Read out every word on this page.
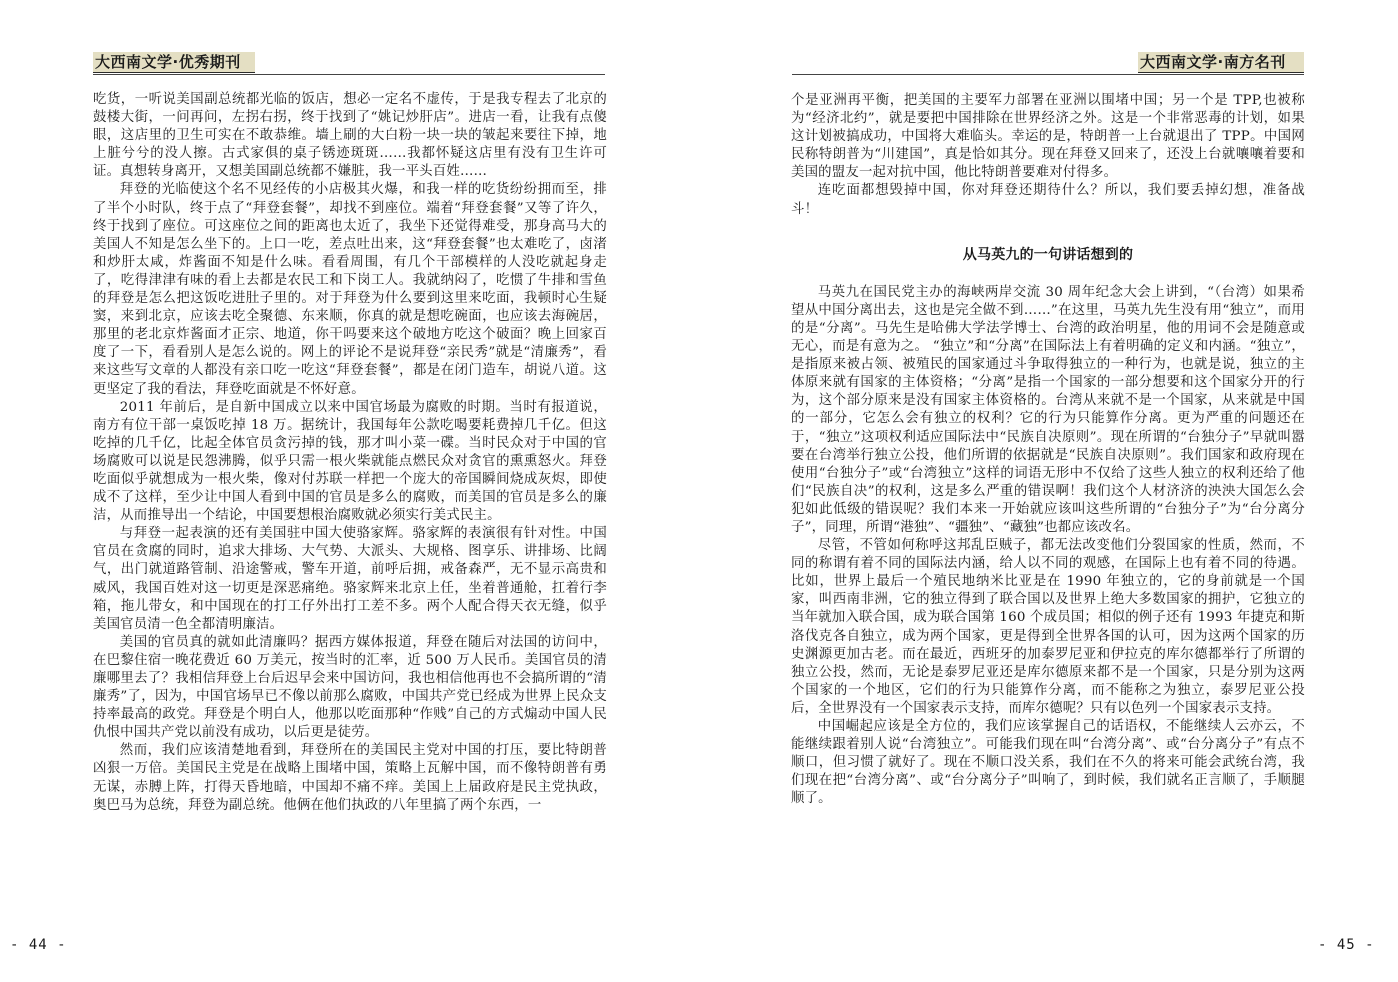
大西南文学·优秀期刊

吃货，一听说美国副总统都光临的饭店，想必一定名不虚传，于是我专程去了北京的鼓楼大街，一问再问，左拐右拐，终于找到了“姚记炒肝店”。进店一看，让我有点傻眼，这店里的卫生可实在不敢恭维。墙上刷的大白粉一块一块的皱起来要往下掉，地上脏兮兮的没人擦。古式家俱的桌子锈迹斑斑……我都怀疑这店里有没有卫生许可证。真想转身离开，又想美国副总统都不嫌脏，我一平头百姓……

拜登的光临使这个名不见经传的小店极其火爆，和我一样的吃货纷纷拥而至，排了半个小时队，终于点了“拜登套餐”，却找不到座位。端着“拜登套餐”又等了许久，终于找到了座位。可这座位之间的距离也太近了，我坐下还觉得难受，那身高马大的美国人不知是怎么坐下的。上口一吃，差点吐出来，这“拜登套餐”也太难吃了，卤渚和炒肝太咸，炸酱面不知是什么味。看看周围，有几个干部模样的人没吃就起身走了，吃得津津有味的看上去都是农民工和下岗工人。我就纳闷了，吃惯了牛排和雪鱼的拜登是怎么把这饭吃进肚子里的。对于拜登为什么要到这里来吃面，我顿时心生疑窦，来到北京，应该去吃全聚德、东来顺，你真的就是想吃碗面，也应该去海碗居，那里的老北京炸酱面才正宗、地道，你干吗要来这个破地方吃这个破面？晚上回家百度了一下，看看别人是怎么说的。网上的评论不是说拜登“亲民秀”就是“清廉秀”，看来这些写文章的人都没有亲口吃一吃这“拜登套餐”，都是在闭门造车，胡说八道。这更坚定了我的看法，拜登吃面就是不怀好意。

2011 年前后，是自新中国成立以来中国官场最为腐败的时期。当时有报道说，南方有位干部一桌饭吃掉 18 万。据统计，我国每年公款吃喝要耗费掉几千亿。但这吃掉的几千亿，比起全体官员贪污掉的钱，那才叫小菜一碟。当时民众对于中国的官场腐败可以说是民怨沸腾，似乎只需一根火柴就能点燃民众对贪官的熏熏怒火。拜登吃面似乎就想成为一根火柴，像对付苏联一样把一个庞大的帝国瞬间烧成灰烬，即使成不了这样，至少让中国人看到中国的官员是多么的腐败，而美国的官员是多么的廉洁，从而推导出一个结论，中国要想根治腐败就必须实行美式民主。

与拜登一起表演的还有美国驻中国大使骆家辉。骆家辉的表演很有针对性。中国官员在贪腐的同时，追求大排场、大气势、大派头、大规格、图享乐、讲排场、比阔气，出门就道路管制、沿途警戒，警车开道，前呼后拥，戒备森严，无不显示高贵和威风，我国百姓对这一切更是深恶痛绝。骆家辉来北京上任，坐着普通舱，扛着行李箱，拖儿带女，和中国现在的打工仔外出打工差不多。两个人配合得天衣无缝，似乎美国官员清一色全都清明廉洁。

美国的官员真的就如此清廉吗？据西方媒体报道，拜登在随后对法国的访问中，在巴黎住宿一晚花费近 60 万美元，按当时的汇率，近 500 万人民币。美国官员的清廉哪里去了？我相信拜登上台后迟早会来中国访问，我也相信他再也不会搞所谓的“清廉秀”了，因为，中国官场早已不像以前那么腐败，中国共产党已经成为世界上民众支持率最高的政党。拜登是个明白人，他那以吃面那种“作贱”自己的方式煽动中国人民仇恨中国共产党以前没有成功，以后更是徒劳。

然而，我们应该清楚地看到，拜登所在的美国民主党对中国的打压，要比特朗普凶狠一万倍。美国民主党是在战略上围堵中国，策略上瓦解中国，而不像特朗普有勇无谋，赤膊上阵，打得天昏地暗，中国却不痛不痒。美国上上届政府是民主党执政，奥巴马为总统，拜登为副总统。他俩在他们执政的八年里搞了两个东西，一

- 44 -
大西南文学·南方名刊

个是亚洲再平衡，把美国的主要军力部署在亚洲以围堵中国；另一个是 TPP,也被称为“经济北约”，就是要把中国排除在世界经济之外。这是一个非常恶毒的计划，如果这计划被搞成功，中国将大难临头。幸运的是，特朗普一上台就退出了 TPP。中国网民称特朗普为“川建国”，真是恰如其分。现在拜登又回来了，还没上台就嚷嚷着要和美国的盟友一起对抗中国，他比特朗普要难对付得多。

连吃面都想毁掉中国，你对拜登还期待什么？所以，我们要丢掉幻想，准备战斗！

从马英九的一句讲话想到的

马英九在国民党主办的海峡两岸交流 30 周年纪念大会上讲到，“（台湾）如果希望从中国分离出去，这也是完全做不到……”在这里，马英九先生没有用“独立”，而用的是“分离”。马先生是哈佛大学法学博士、台湾的政治明星，他的用词不会是随意或无心，而是有意为之。 “独立”和“分离”在国际法上有着明确的定义和内涵。“独立”，是指原来被占领、被殖民的国家通过斗争取得独立的一种行为，也就是说，独立的主体原来就有国家的主体资格；“分离”是指一个国家的一部分想要和这个国家分开的行为，这个部分原来是没有国家主体资格的。台湾从来就不是一个国家，从来就是中国的一部分，它怎么会有独立的权利？它的行为只能算作分离。更为严重的问题还在于，“独立”这项权利适应国际法中“民族自决原则”。现在所谓的“台独分子”早就叫嚣要在台湾举行独立公投，他们所谓的依据就是“民族自决原则”。我们国家和政府现在使用“台独分子”或“台湾独立”这样的词语无形中不仅给了这些人独立的权利还给了他们“民族自决”的权利，这是多么严重的错误啊！我们这个人材济济的泱泱大国怎么会犯如此低级的错误呢？我们本来一开始就应该叫这些所谓的“台独分子”为“台分离分子”，同理，所谓“港独”、“疆独”、“藏独”也都应该改名。

尽管，不管如何称呼这邦乱臣贼子，都无法改变他们分裂国家的性质，然而，不同的称谓有着不同的国际法内涵，给人以不同的观感，在国际上也有着不同的待遇。比如，世界上最后一个殖民地纳米比亚是在 1990 年独立的，它的身前就是一个国家，叫西南非洲，它的独立得到了联合国以及世界上绝大多数国家的拥护，它独立的当年就加入联合国，成为联合国第 160 个成员国；相似的例子还有 1993 年捷克和斯洛伐克各自独立，成为两个国家，更是得到全世界各国的认可，因为这两个国家的历史渊源更加古老。而在最近，西班牙的加泰罗尼亚和伊拉克的库尔德都举行了所谓的独立公投，然而，无论是泰罗尼亚还是库尔德原来都不是一个国家，只是分别为这两个国家的一个地区，它们的行为只能算作分离，而不能称之为独立，泰罗尼亚公投后，全世界没有一个国家表示支持，而库尔德呢？只有以色列一个国家表示支持。

中国崛起应该是全方位的，我们应该掌握自己的话语权，不能继续人云亦云，不能继续跟着别人说“台湾独立”。可能我们现在叫“台湾分离”、或“台分离分子”有点不顺口，但习惯了就好了。现在不顺口没关系，我们在不久的将来可能会武统台湾，我们现在把“台湾分离”、或“台分离分子”叫响了，到时候，我们就名正言顺了，手顺腿顺了。

- 45 -
